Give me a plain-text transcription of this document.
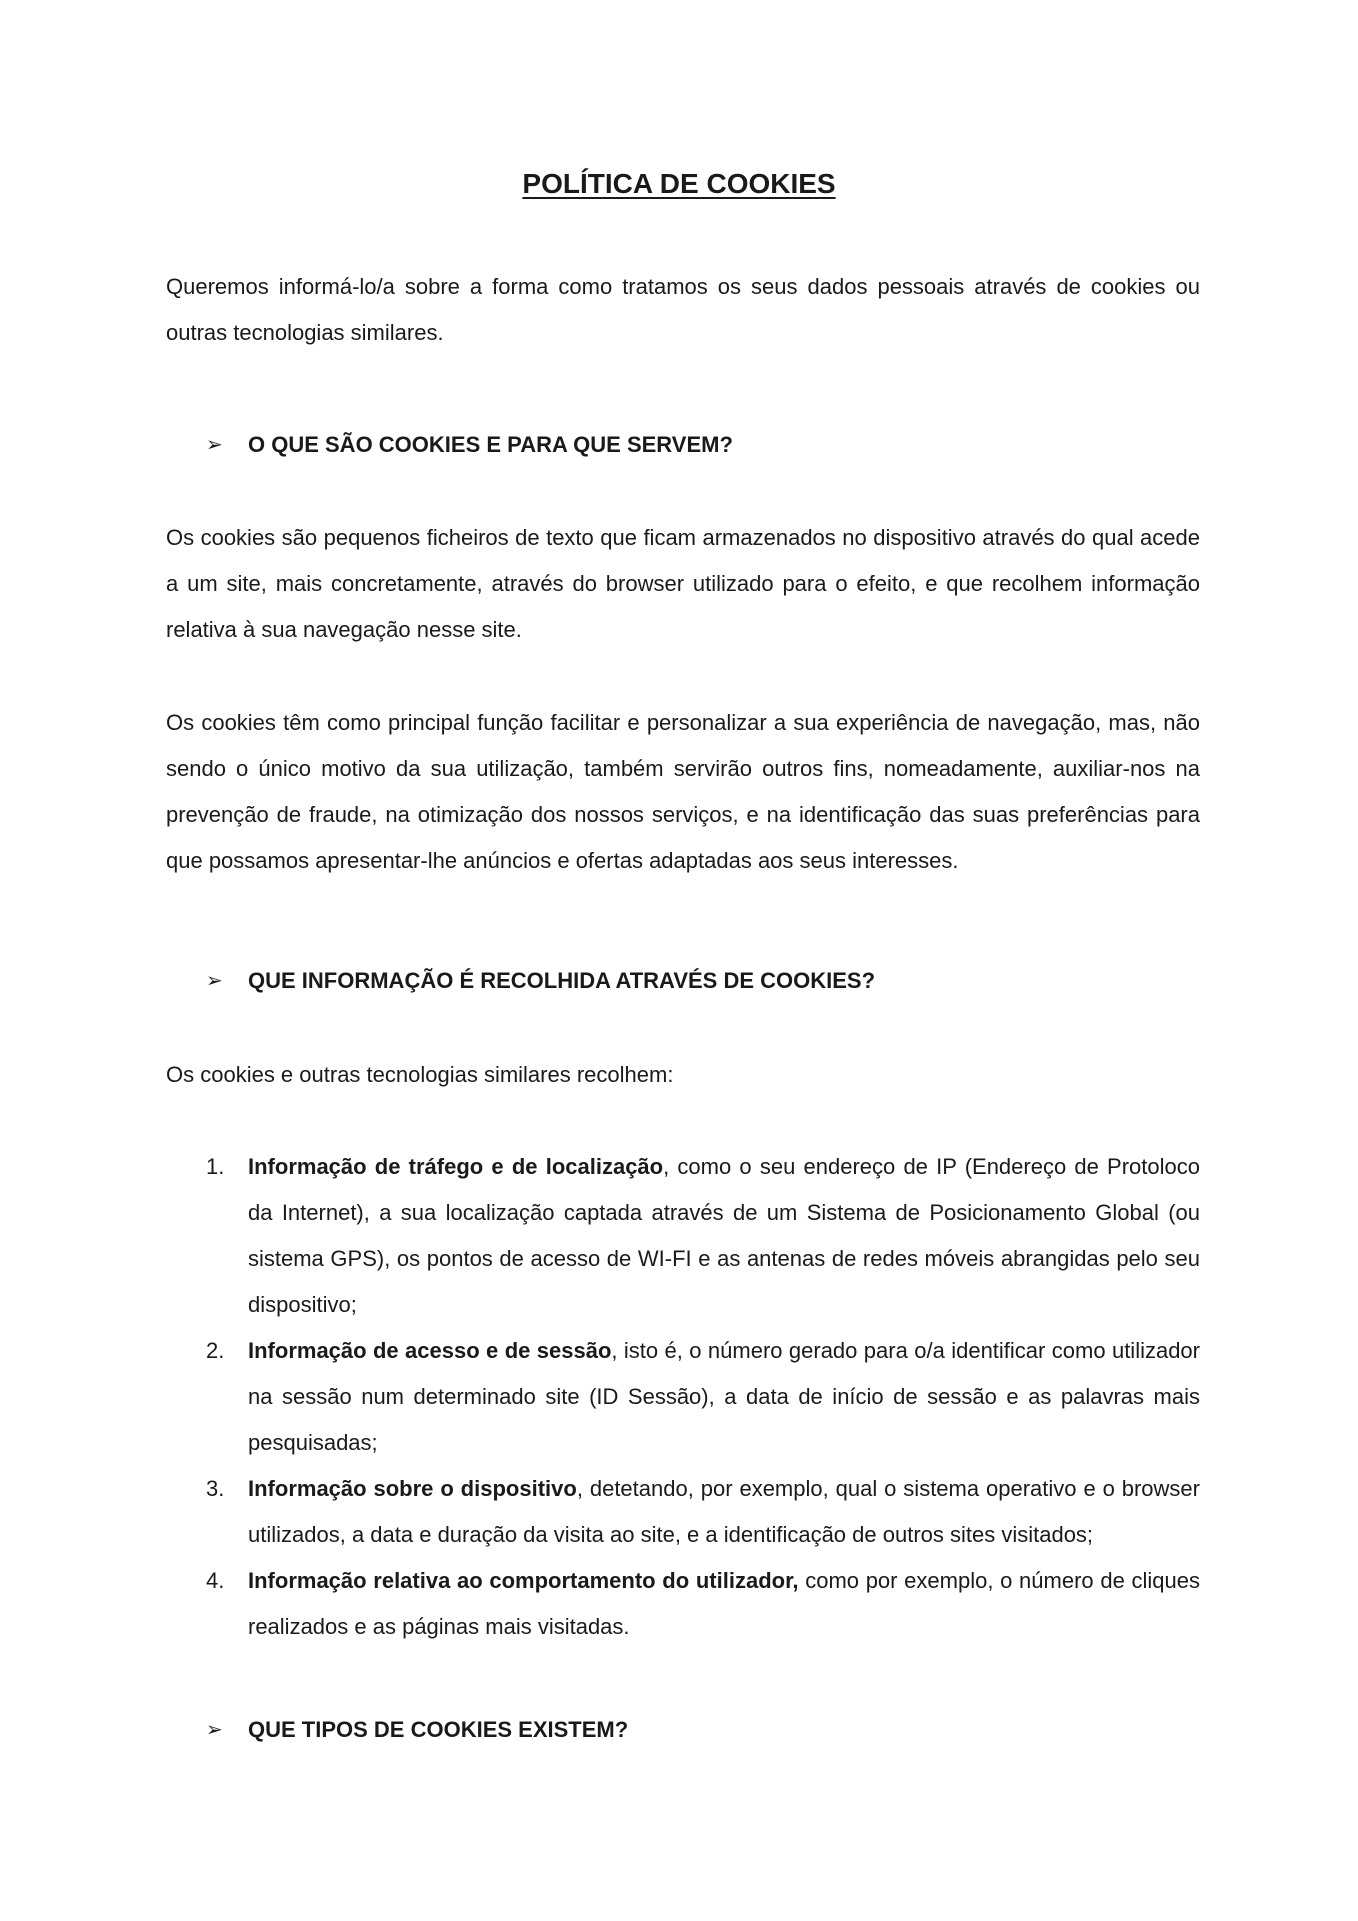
POLÍTICA DE COOKIES

Queremos informá-lo/a sobre a forma como tratamos os seus dados pessoais através de cookies ou outras tecnologias similares.

➢	O QUE SÃO COOKIES E PARA QUE SERVEM?

Os cookies são pequenos ficheiros de texto que ficam armazenados no dispositivo através do qual acede a um site, mais concretamente, através do browser utilizado para o efeito, e que recolhem informação relativa à sua navegação nesse site.

Os cookies têm como principal função facilitar e personalizar a sua experiência de navegação, mas, não sendo o único motivo da sua utilização, também servirão outros fins, nomeadamente, auxiliar-nos na prevenção de fraude, na otimização dos nossos serviços, e na identificação das suas preferências para que possamos apresentar-lhe anúncios e ofertas adaptadas aos seus interesses.

➢	QUE INFORMAÇÃO É RECOLHIDA ATRAVÉS DE COOKIES?

Os cookies e outras tecnologias similares recolhem:

1. Informação de tráfego e de localização, como o seu endereço de IP (Endereço de Protoloco da Internet), a sua localização captada através de um Sistema de Posicionamento Global (ou sistema GPS), os pontos de acesso de WI-FI e as antenas de redes móveis abrangidas pelo seu dispositivo;
2. Informação de acesso e de sessão, isto é, o número gerado para o/a identificar como utilizador na sessão num determinado site (ID Sessão), a data de início de sessão e as palavras mais pesquisadas;
3. Informação sobre o dispositivo, detetando, por exemplo, qual o sistema operativo e o browser utilizados, a data e duração da visita ao site, e a identificação de outros sites visitados;
4. Informação relativa ao comportamento do utilizador, como por exemplo, o número de cliques realizados e as páginas mais visitadas.
➢	QUE TIPOS DE COOKIES EXISTEM?
